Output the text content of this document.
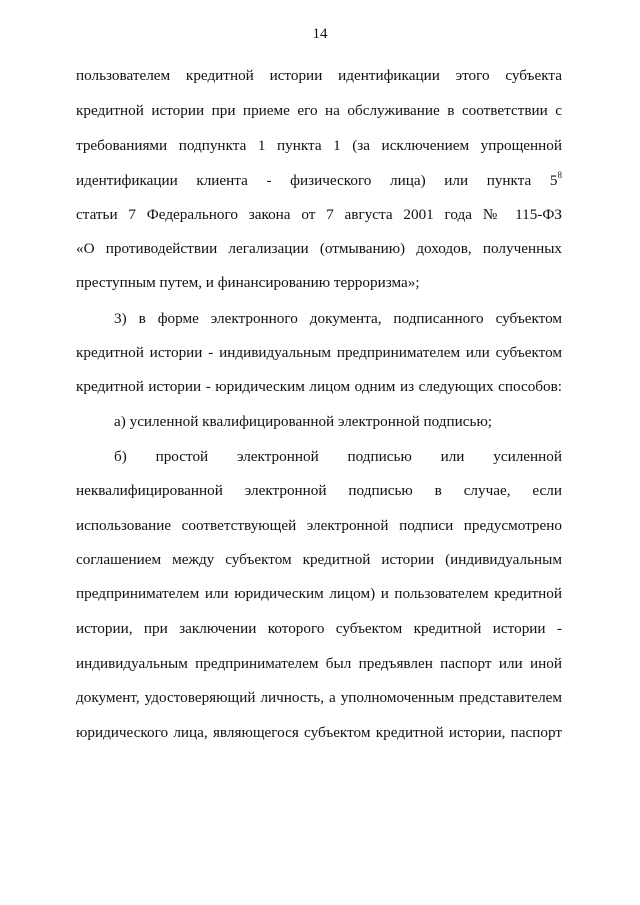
14
пользователем кредитной истории идентификации этого субъекта
кредитной истории при приеме его на обслуживание в соответствии с
требованиями подпункта 1 пункта 1 (за исключением упрощенной
идентификации клиента - физического лица) или пункта $5^8$
статьи 7 Федерального закона от 7 августа 2001 года № 115-ФЗ
«О противодействии легализации (отмыванию) доходов, полученных
преступным путем, и финансированию терроризма»;
3) в форме электронного документа, подписанного субъектом
кредитной истории - индивидуальным предпринимателем или субъектом
кредитной истории - юридическим лицом одним из следующих способов:
а) усиленной квалифицированной электронной подписью;
б) простой электронной подписью или усиленной
неквалифицированной электронной подписью в случае, если
использование соответствующей электронной подписи предусмотрено
соглашением между субъектом кредитной истории (индивидуальным
предпринимателем или юридическим лицом) и пользователем кредитной
истории, при заключении которого субъектом кредитной истории -
индивидуальным предпринимателем был предъявлен паспорт или иной
документ, удостоверяющий личность, а уполномоченным представителем
юридического лица, являющегося субъектом кредитной истории, паспорт
